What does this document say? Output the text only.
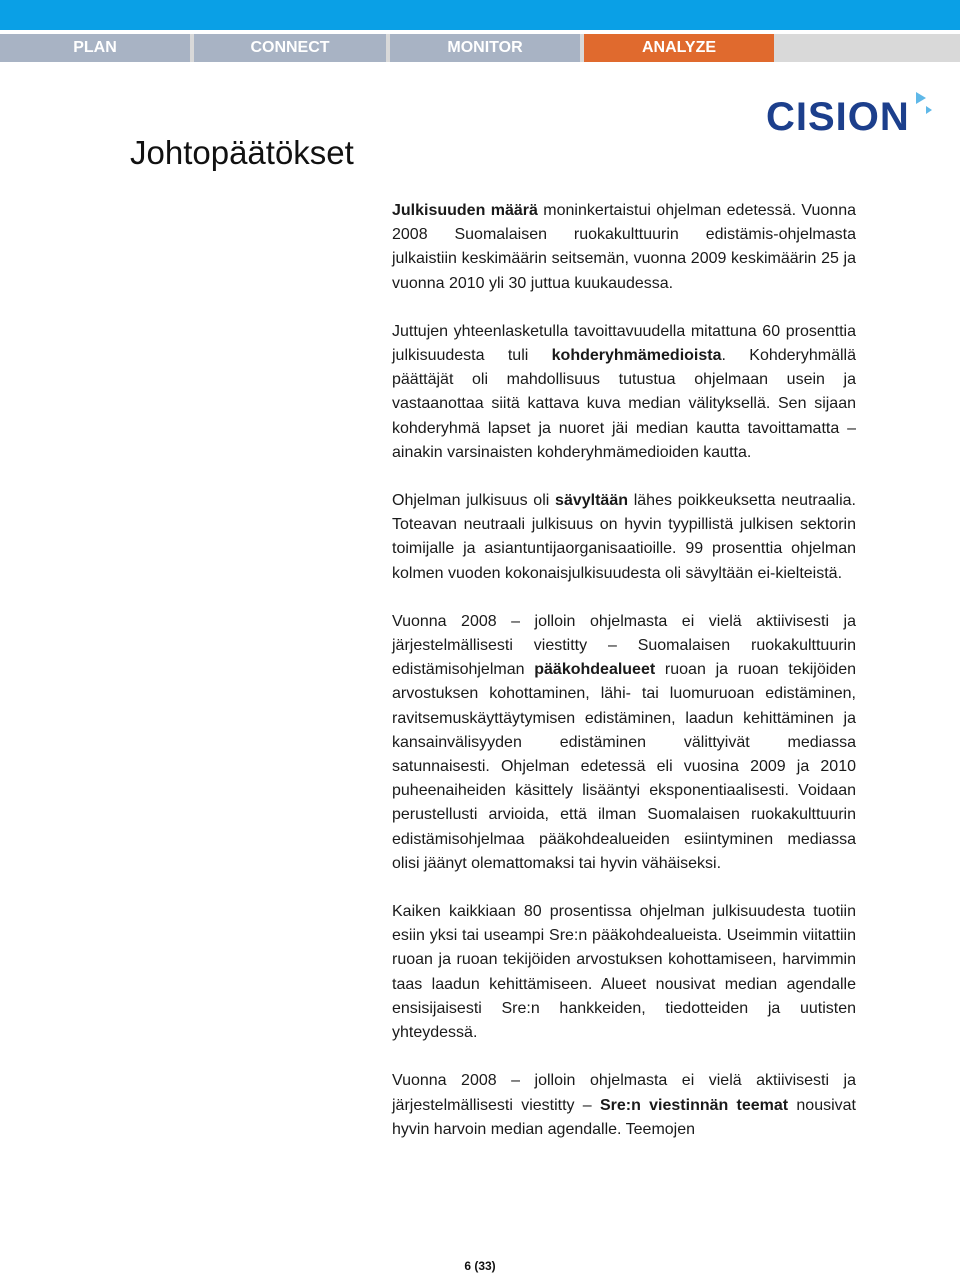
PLAN	CONNECT	MONITOR	ANALYZE
CISION
Johtopäätökset

Julkisuuden määrä moninkertaistui ohjelman edetessä. Vuonna 2008 Suomalaisen ruokakulttuurin edistämis-ohjelmasta julkaistiin keskimäärin seitsemän, vuonna 2009 keskimäärin 25 ja vuonna 2010 yli 30 juttua kuukaudessa.

Juttujen yhteenlasketulla tavoittavuudella mitattuna 60 prosenttia julkisuudesta tuli kohderyhmämedioista. Kohderyhmällä päättäjät oli mahdollisuus tutustua ohjelmaan usein ja vastaanottaa siitä kattava kuva median välityksellä. Sen sijaan kohderyhmä lapset ja nuoret jäi median kautta tavoittamatta – ainakin varsinaisten kohderyhmämedioiden kautta.

Ohjelman julkisuus oli sävyltään lähes poikkeuksetta neutraalia. Toteavan neutraali julkisuus on hyvin tyypillistä julkisen sektorin toimijalle ja asiantuntijaorganisaatioille. 99 prosenttia ohjelman kolmen vuoden kokonaisjulkisuudesta oli sävyltään ei-kielteistä.

Vuonna 2008 – jolloin ohjelmasta ei vielä aktiivisesti ja järjestelmällisesti viestitty – Suomalaisen ruokakulttuurin edistämisohjelman pääkohdealueet ruoan ja ruoan tekijöiden arvostuksen kohottaminen, lähi- tai luomuruoan edistäminen, ravitsemuskäyttäytymisen edistäminen, laadun kehittäminen ja kansainvälisyyden edistäminen välittyivät mediassa satunnaisesti. Ohjelman edetessä eli vuosina 2009 ja 2010 puheenaiheiden käsittely lisääntyi eksponentiaalisesti. Voidaan perustellusti arvioida, että ilman Suomalaisen ruokakulttuurin edistämisohjelmaa pääkohdealueiden esiintyminen mediassa olisi jäänyt olemattomaksi tai hyvin vähäiseksi.

Kaiken kaikkiaan 80 prosentissa ohjelman julkisuudesta tuotiin esiin yksi tai useampi Sre:n pääkohdealueista. Useimmin viitattiin ruoan ja ruoan tekijöiden arvostuksen kohottamiseen, harvimmin taas laadun kehittämiseen. Alueet nousivat median agendalle ensisijaisesti Sre:n hankkeiden, tiedotteiden ja uutisten yhteydessä.

Vuonna 2008 – jolloin ohjelmasta ei vielä aktiivisesti ja järjestelmällisesti viestitty – Sre:n viestinnän teemat nousivat hyvin harvoin median agendalle. Teemojen

6 (33)
